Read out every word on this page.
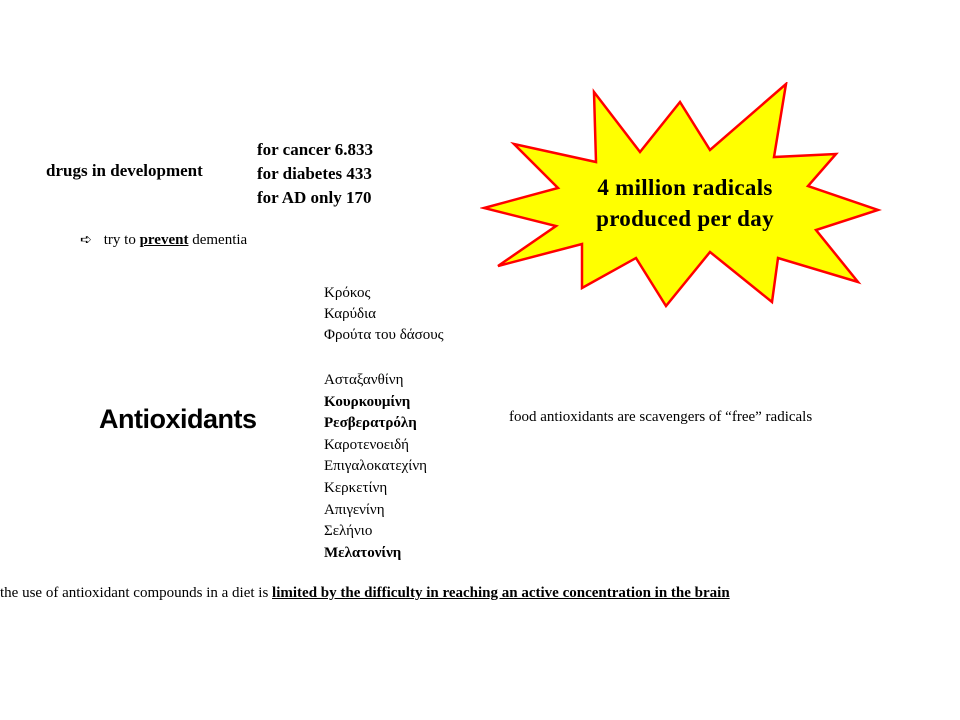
drugs in development
for cancer 6.833
for diabetes 433
for AD only 170
➪ try to prevent dementia
4 million radicals
produced per day
Κρόκος
Καρύδια
Φρούτα του δάσους
Ασταξανθίνη
Κουρκουμίνη
Ρεσβερατρόλη
Καροτενοειδή
Επιγαλοκατεχίνη
Κερκετίνη
Απιγενίνη
Σελήνιο
Μελατονίνη
Antioxidants	food antioxidants are scavengers of “free” radicals
the use of antioxidant compounds in a diet is limited by the difficulty in reaching an active concentration in the brain
